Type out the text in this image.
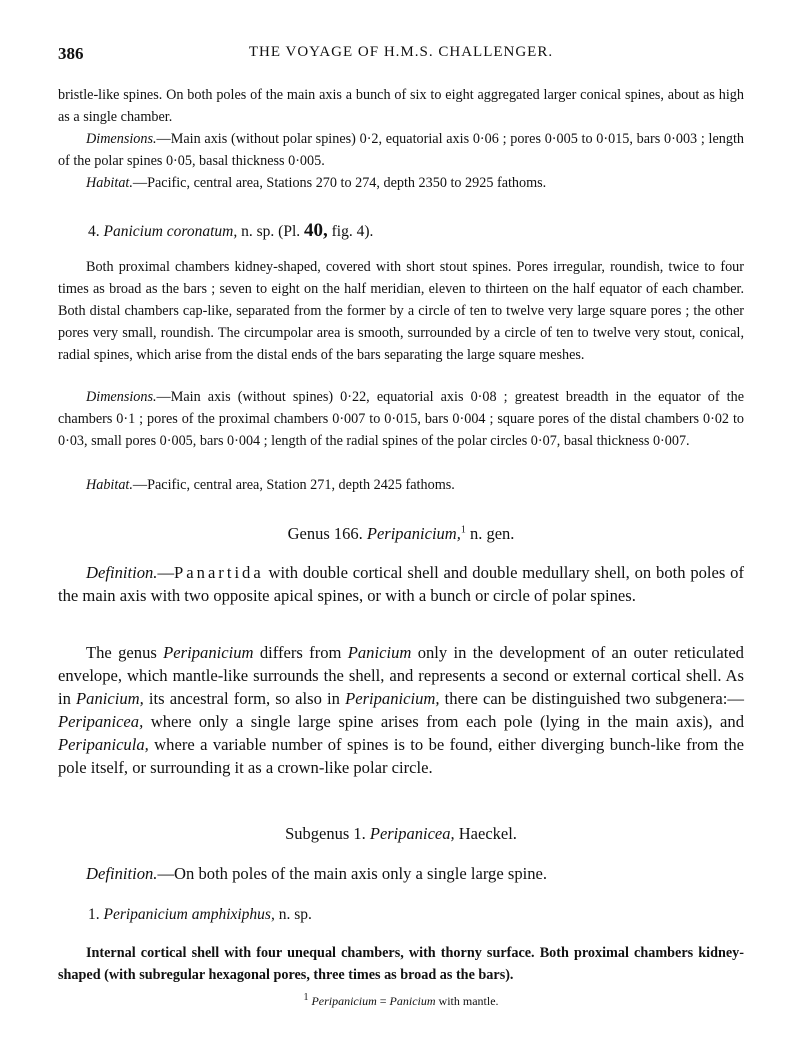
386	THE VOYAGE OF H.M.S. CHALLENGER.
bristle-like spines. On both poles of the main axis a bunch of six to eight aggregated larger conical spines, about as high as a single chamber.
Dimensions.—Main axis (without polar spines) 0·2, equatorial axis 0·06 ; pores 0·005 to 0·015, bars 0·003 ; length of the polar spines 0·05, basal thickness 0·005.
Habitat.—Pacific, central area, Stations 270 to 274, depth 2350 to 2925 fathoms.
4. Panicium coronatum, n. sp. (Pl. 40, fig. 4).
Both proximal chambers kidney-shaped, covered with short stout spines. Pores irregular, roundish, twice to four times as broad as the bars ; seven to eight on the half meridian, eleven to thirteen on the half equator of each chamber. Both distal chambers cap-like, separated from the former by a circle of ten to twelve very large square pores ; the other pores very small, roundish. The circumpolar area is smooth, surrounded by a circle of ten to twelve very stout, conical, radial spines, which arise from the distal ends of the bars separating the large square meshes.
Dimensions.—Main axis (without spines) 0·22, equatorial axis 0·08 ; greatest breadth in the equator of the chambers 0·1 ; pores of the proximal chambers 0·007 to 0·015, bars 0·004 ; square pores of the distal chambers 0·02 to 0·03, small pores 0·005, bars 0·004 ; length of the radial spines of the polar circles 0·07, basal thickness 0·007.
Habitat.—Pacific, central area, Station 271, depth 2425 fathoms.
Genus 166. Peripanicium,$^1$ n. gen.
Definition.—Panartida with double cortical shell and double medullary shell, on both poles of the main axis with two opposite apical spines, or with a bunch or circle of polar spines.
The genus Peripanicium differs from Panicium only in the development of an outer reticulated envelope, which mantle-like surrounds the shell, and represents a second or external cortical shell. As in Panicium, its ancestral form, so also in Peripanicium, there can be distinguished two subgenera:—Peripanicea, where only a single large spine arises from each pole (lying in the main axis), and Peripanicula, where a variable number of spines is to be found, either diverging bunch-like from the pole itself, or surrounding it as a crown-like polar circle.
Subgenus 1. Peripanicea, Haeckel.
Definition.—On both poles of the main axis only a single large spine.
1. Peripanicium amphixiphus, n. sp.
Internal cortical shell with four unequal chambers, with thorny surface. Both proximal chambers kidney-shaped (with subregular hexagonal pores, three times as broad as the bars).
$^1$ Peripanicium = Panicium with mantle.
